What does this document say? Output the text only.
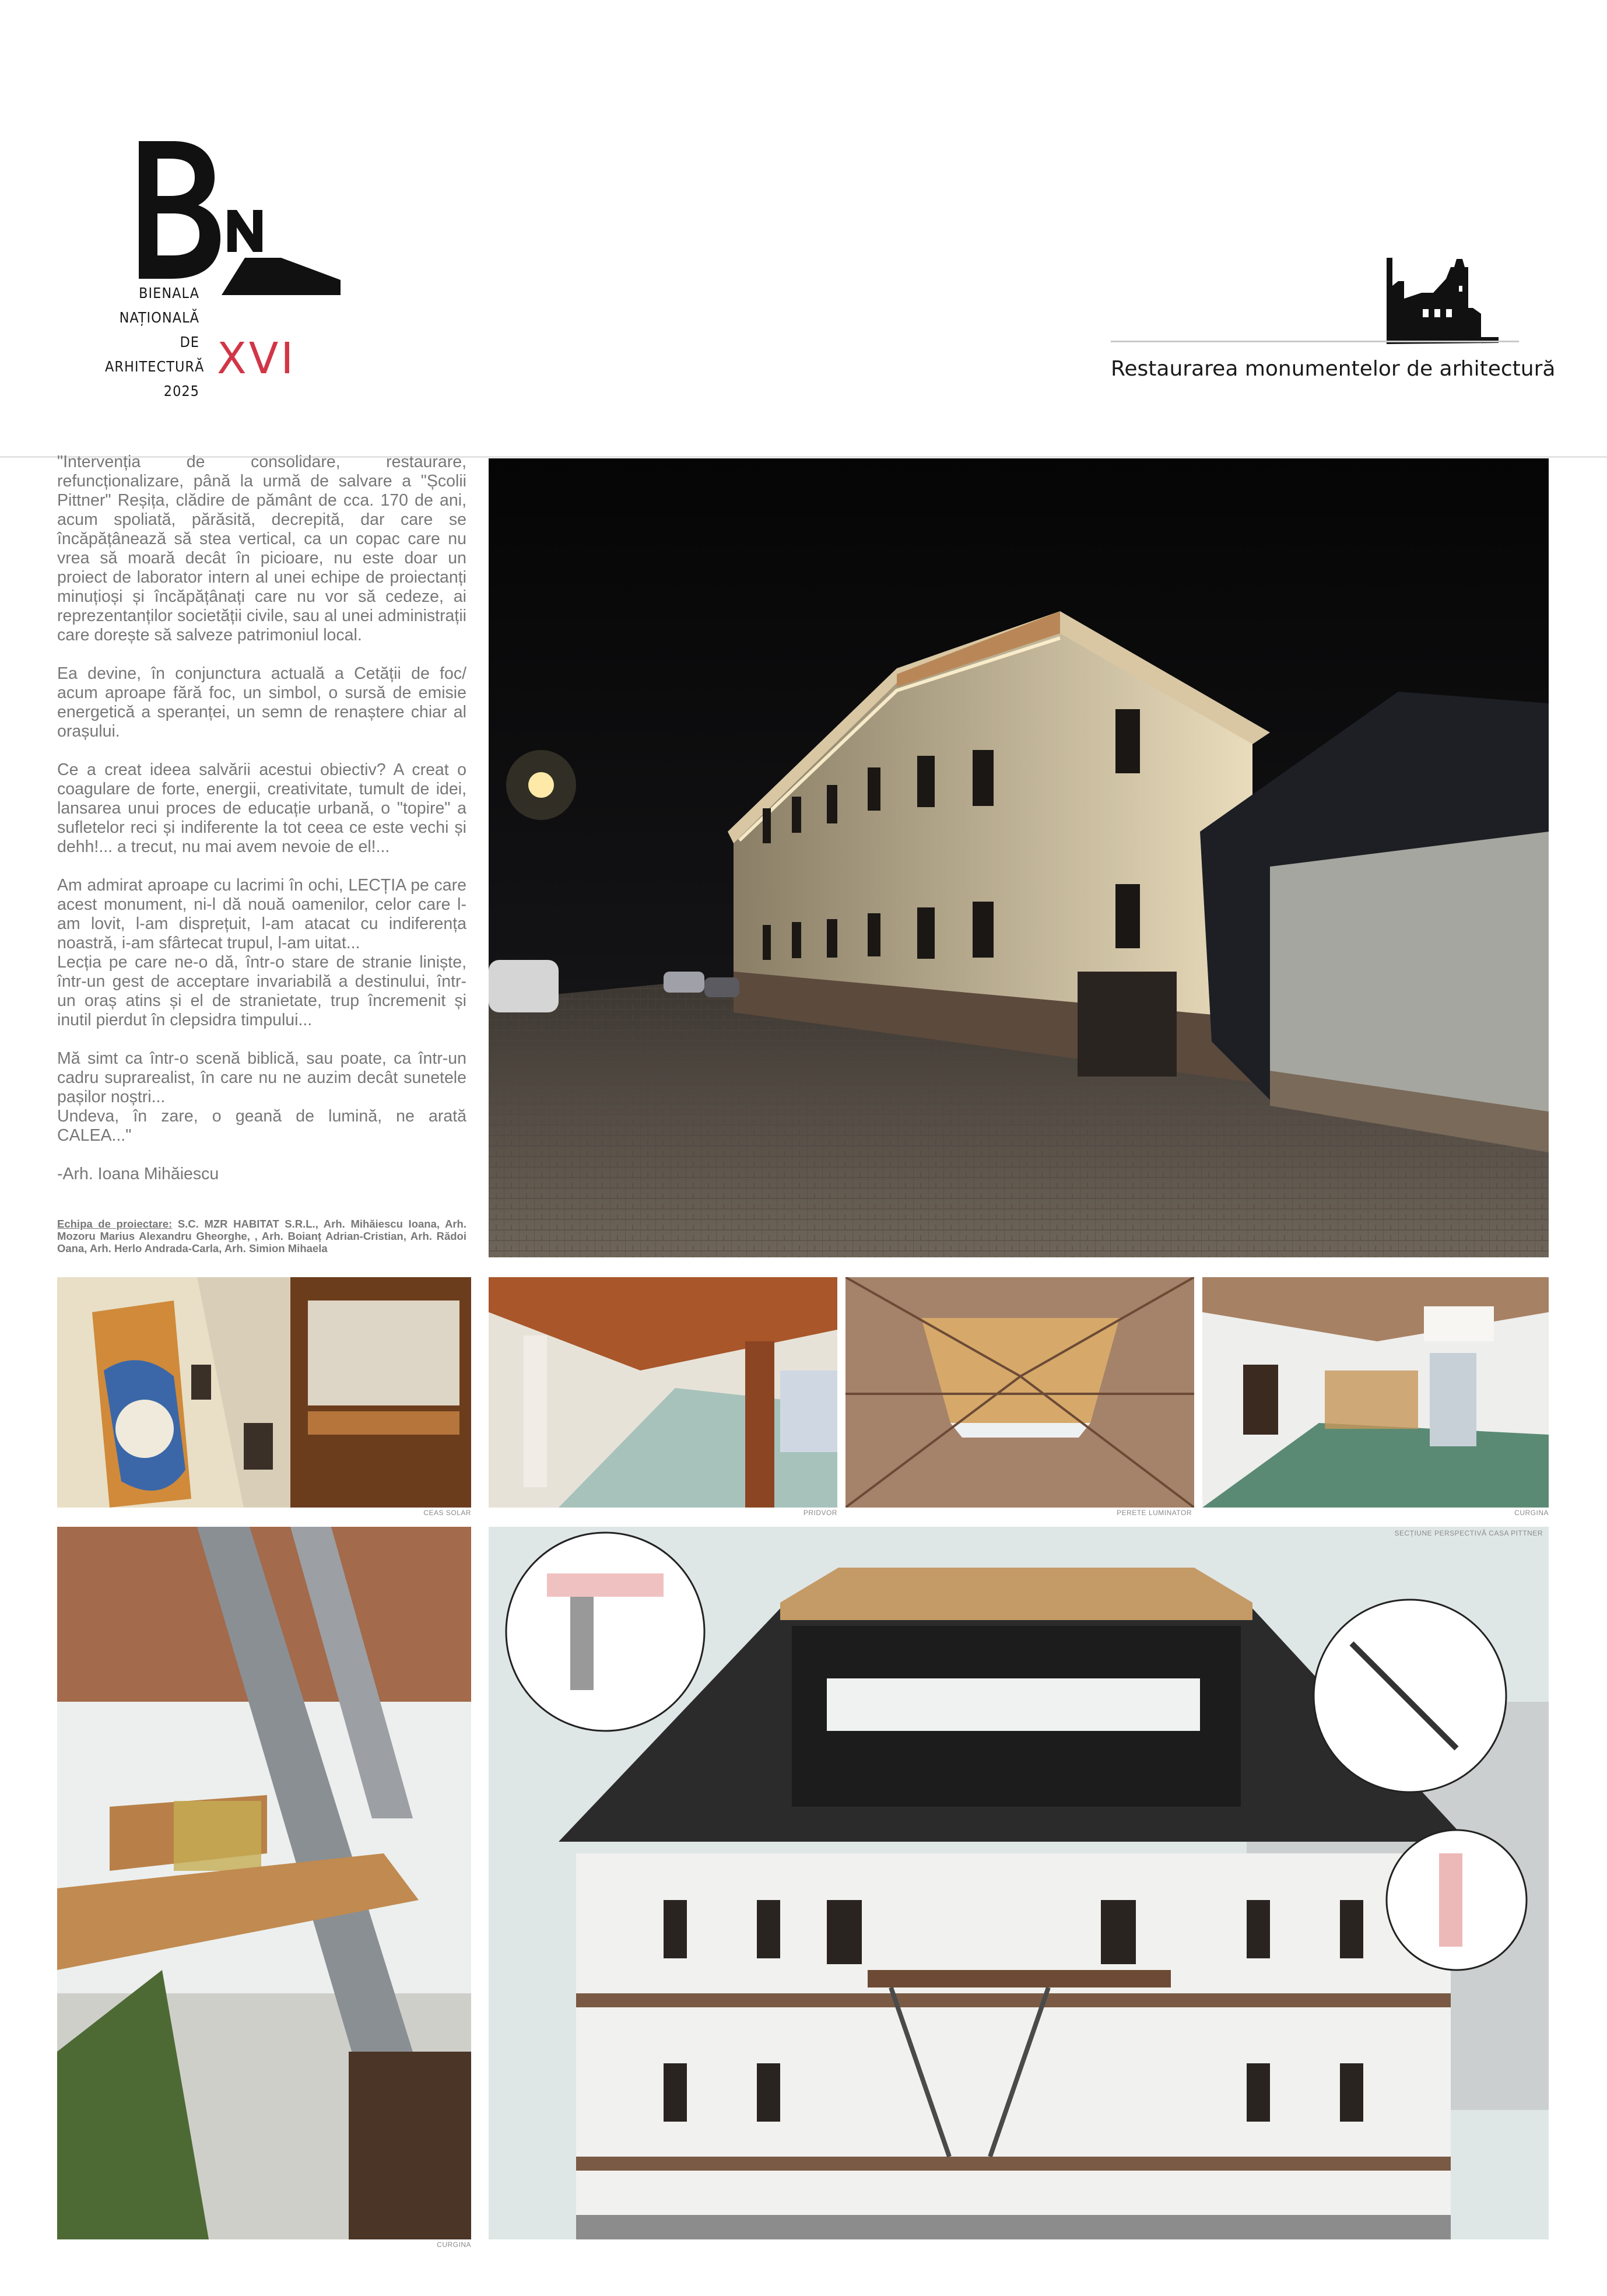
BIENALA
NAȚIONALĂ
DE
ARHITECTURĂ
2025
XVI	Restaurarea monumentelor de arhitectură

"Intervenția de consolidare, restaurare, refuncționalizare, până la urmă de salvare a "Școlii Pittner" Reșița, clădire de pământ de cca. 170 de ani, acum spoliată, părăsită, decrepită, dar care se încăpățânează să stea vertical, ca un copac care nu vrea să moară decât în picioare, nu este doar un proiect de laborator intern al unei echipe de proiectanți minuțioși și încăpățânați care nu vor să cedeze, ai reprezentanților societății civile, sau al unei administrații care dorește să salveze patrimoniul local.

Ea devine, în conjunctura actuală a Cetății de foc/ acum aproape fără foc, un simbol, o sursă de emisie energetică a speranței, un semn de renaștere chiar al orașului.

Ce a creat ideea salvării acestui obiectiv? A creat o coagulare de forte, energii, creativitate, tumult de idei, lansarea unui proces de educație urbană, o "topire" a sufletelor reci și indiferente la tot ceea ce este vechi și dehh!... a trecut, nu mai avem nevoie de el!...

Am admirat aproape cu lacrimi în ochi, LECȚIA pe care acest monument, ni-l dă nouă oamenilor, celor care l-am lovit, l-am disprețuit, l-am atacat cu indiferența noastră, i-am sfârtecat trupul, l-am uitat...
Lecția pe care ne-o dă, într-o stare de stranie liniște, într-un gest de acceptare invariabilă a destinului, într-un oraș atins și el de stranietate, trup încremenit și inutil pierdut în clepsidra timpului...

Mă simt ca într-o scenă biblică, sau poate, ca într-un cadru suprarealist, în care nu ne auzim decât sunetele pașilor noștri...
Undeva, în zare, o geană de lumină, ne arată CALEA..."

-Arh. Ioana Mihăiescu

Echipa de proiectare: S.C. MZR HABITAT S.R.L., Arh. Mihăiescu Ioana, Arh. Mozoru Marius Alexandru Gheorghe, , Arh. Boianț Adrian-Cristian, Arh. Rădoi Oana, Arh. Herlo Andrada-Carla, Arh. Simion Mihaela
CEAS SOLAR	PRIDVOR	PERETE LUMINATOR	CURGINA
SECȚIUNE PERSPECTIVĂ CASA PITTNER
CURGINA
